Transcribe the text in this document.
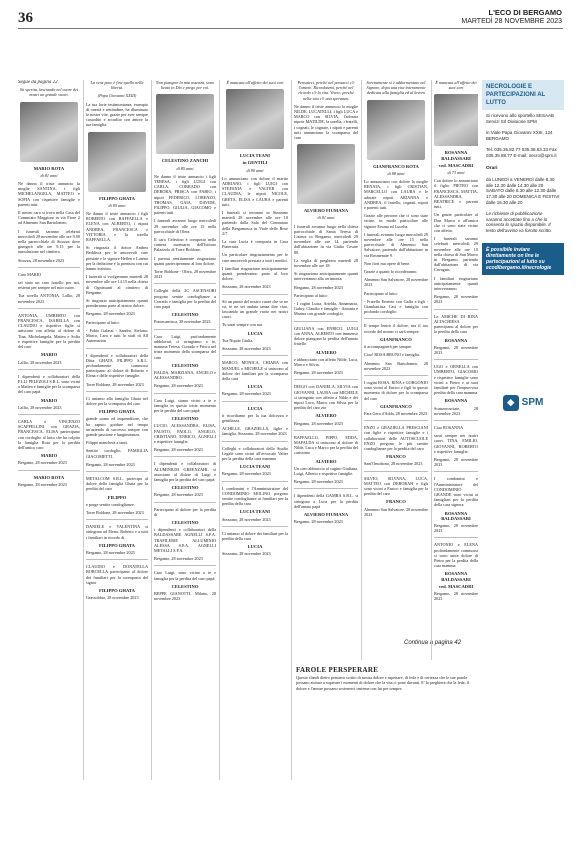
36	L'ECO DI BERGAMO
MARTEDÌ 28 NOVEMBRE 2023
Segue da pagina 22

Sii sperita, lasciando nel cuore dei nostri un grande vuoto.

MARIO ROTA

di 81 anni

Ne danno il triste annuncio la moglie SANTINA, i figli MICHELANGELA, MATTEO e SOFIA con rispettive famiglie e parenti tutti.

Il nostro caro si trova nella Casa del Commiato Maggioni in via Fiore 2 ad Almenno San Bartolomeo.

I funerali saranno celebrati mercoledì 29 novembre alle ore 9.00 nella parrocchiale di Strozza dove giungerà alle ore 9.15 per la tumulazione nel cimitero.

Strozza, 28 novembre 2023

Caro MARIO

sei stato un caro fratello per noi, resterai per sempre nel mio cuore.

Tua sorella ANTONIA. Lallio, 28 novembre 2023

ANTONIA, UMBERTO con FRANCESCA, ISABELLA con CLAUDIO e rispettive figlie si uniscono con affetto al dolore di Tina, Michelangela, Matteo e Sofia e rispettive famiglie per la perdita del caro

MARIO

Lallio, 28 novembre 2023

I dipendenti e collaboratori della F.LLI PELEZOLI S.R.L. sono vicini a Matteo e famiglie per la scomparsa del caro papà

MARIO

Lallio, 28 novembre 2023

CARLA e VINCENZO SCAPPELLINI con GRAZIA, FRANCESCA, ELISA partecipano con cordoglio al lutto che ha colpito la famiglia Rota per la perdita dell'amico caro

MARIO

Bergamo, 28 novembre 2023

MARIO ROTA

Bergamo, 28 novembre 2023

La vera pace è fine quello nella libertà.

(Papa Giovanni XXIII)

La tua forte testimonianza, esempio di onestà e rettitudine, ha illuminato le nostre vite, grazie per aver sempre custodito e accudito con amore la tua famiglia.

FILIPPO GHATA

di 85 anni

Ne danno il triste annuncio i figli ROBERTO con RAFFAELLA e ELENA con ALBERTO, i nipoti ANDREA, FRANCESCA e VITTORIA e la sorella RAFFAELLA.

Si ringrazia il dottor Andrea Beddisca per le amorevoli cure prestate e le signore Hellen e Lorena per la dedizione e la premura con cui hanno assistito.

I funerali si svolgeranno martedì 28 novembre alle ore 14.15 nella chiesa di Ognissanti al cimitero di Bergamo.

Si ringrazia anticipatamente quanti prenderanno parte al nostro dolore.

Bergamo, 28 novembre 2023

Partecipano al lutto:

- Fabio Galassi - Sandro, Stefano, Marco, Lara e tutti lo staff di All Automation

I dipendenti e collaboratori della Ditta GHATA FILIPPO S.R.L. profondamente commossi partecipano al dolore di Roberto e Elena e delle rispettive famiglie.

Torre Boldone, 28 novembre 2023

Ci uniamo alla famiglia Ghata nel dolore per la scomparsa del caro

FILIPPO GHATA

grande uomo ed imprenditore, che ha saputo guidare nel tempo un'azienda di successo sempre con grande passione e lungimiranza.

Filippo mancherà a tanti.

Sentito cordoglio, FAMIGLIA GIACOMETTI.

Bergamo, 28 novembre 2023

METALCOM S.R.L. partecipa al dolore della famiglia Ghata per la perdita del caro

FILIPPO

e porge sentite condoglianze.

Torre Boldone, 28 novembre 2023

DANIELE e VALENTINA si stringono ad Elena, Roberto e a tutti i familiari in ricordo di

FILIPPO GHATA

Bergamo, 28 novembre 2023

CLAUDIO e DONATELLA BORCELLA partecipano al dolore dei familiari per la scomparsa del signor

FILIPPO GHATA

Grassobbio, 28 novembre 2023

Non piangete la mia assenza, sono beato in Dio e prego per voi.

CELESTINO ZANCHI

di 85 anni

Ne danno il triste annuncio i figli TERESA, i figli LUIGI con CARLA, CORRADO con DEBORA, PRISCA con FABIO, i nipoti FEDERICO, LORENZO, THOMAS, GAIA, DAVIDE, FILIPPO, GIULIA, GIACOMO e parenti tutti.

I funerali avranno luogo mercoledì 29 novembre alle ore 15 nella parrocchiale di Olera.

Il caro Celestino è composto nella camera mortuaria dell'Istituto Palazzolo di Torre Boldone.

I parenti sentitamente ringraziano quanti parteciperanno al loro dolore.

Torre Boldone - Olera, 28 novembre 2023

Colleghi della 2C ASCENSORI porgono sentite condoglianze a Corrado e famiglia per la perdita del caro papà

CELESTINO

Pontecamisca, 28 novembre 2023

Caro Luigi, profondamente addolorati, ci stringiamo a te, mamma Teresa, Corrado e Prisca nel triste momento della scomparsa del caro

CELESTINO

BALDA, MARZIANA, ANGELO e ALESSANDRO.

Bergamo, 28 novembre 2023

Caro Luigi, siamo vicini a te e famiglia in questo triste momento per la perdita del caro papà

CELESTINO

LUCIO, ALESSANDRA, ELISA, FAUSTO, PAOLO, ANGELO, CRISTIANO, ENRICO, AGNELLI e rispettive famiglie.

Bergamo, 28 novembre 2023

I dipendenti e collaboratori di ALUMINIUM GREENZAHL si associano al dolore di Luigi e famiglia per la perdita del caro papà

CELESTINO

Bergamo, 28 novembre 2023

Partecipano al dolore per la perdita di

CELESTINO

i dipendenti e collaboratori della BALDASSARE AGNELLI S.P.A. TRAFILERIE ALLUMINIO ALESSA S.P.A. AGNELLI METALLI S.P.A.

Bergamo, 28 novembre 2023

Caro Luigi, sono vicino a te e famiglia per la perdita del caro papà

CELESTINO

BEPPE GIANOTTI. Milano, 28 novembre 2023

È mancata all'affetto dei suoi cari

LUCIA TEANI
in GENTILI

di 90 anni

Lo annunciano con dolore il marito ADRIANO, i figli LUIGI con STEFANIA e VALTER con CLAUDIA, le nipoti NICOLE, GRETA, ELISA e LAURA e parenti tutti.

I funerali si terranno in Stezzano martedì 28 novembre alle ore 10 partendo dalla Sala del Commiato della Bergamasca in Viale delle Rose 2/7.

La cara Lucia è composta in Casa Funeraria.

Un particolare ringraziamento per le cure amorevoli prestate a tutti i medici.

I familiari ringraziano anticipatamente quanti prenderanno parte al loro dolore.

Stezzano, 28 novembre 2023

Sii un punto del nostro cuore che se ne va, te ne sei andata senza dire ciao, lasciando un grande vuoto nei nostri cuori.

Tu sarai sempre con noi.

LUCIA

Tua Nipote Giulia.

Stezzano, 28 novembre 2023

MARCO, MONICA, CHIARA con MANUEL e MICHELE si uniscono al dolore dei familiari per la scomparsa della cara

LUCIA

Bergamo, 28 novembre 2023

LUCIA

ti ricordiamo per la tua dolcezza e gentilezza.

ACHILLE, GRAZIELLA, figlie e famiglia. Stezzano, 28 novembre 2023

Colleghi e collaboratori dello Studio Legale sono vicini all'avvocato Valter per la perdita della cara mamma

LUCIA TEANI

Bergamo, 28 novembre 2023

I condomini e l'Amministratore del CONDOMINIO MOLINO porgono sentite condoglianze ai familiari per la perdita della cara

LUCIA TEANI

Stezzano, 28 novembre 2023

Ci uniamo al dolore dei familiari per la perdita della cara

LUCIA

Stezzano, 28 novembre 2023

Pensateci, perché nel pensarci c'è l'amore. Ricordatemi, perché nel ricordo c'è la vita. Vivete, perché nella vita c'è una speranza.

Ne danno il triste annuncio la moglie NILDE, LUCATELLI, i figli LUCA e MARCO con SILVIA, l'adorata nipote MATILDE, la sorella, i fratelli, i cognati, le cognate, i nipoti e parenti tutti annunciano la scomparsa del caro

ALVIERO FIUMANA

di 81 anni

I funerali avranno luogo nella chiesa parrocchiale di Santa Teresa di Lisieux in Bergamo, mercoledì 29 novembre alle ore 14, partendo dall'abitazione in via Giulio Cesare 80.

La veglia di preghiera martedì 28 novembre alle ore 18.

Si ringraziano anticipatamente quanti interverranno alla cerimonia.

Bergamo, 28 novembre 2023

Partecipano al lutto:

- I cugini Luisa, Arielda, Annamaria, Gabry, Claudio e famiglie - Antonia e Marina con grande cordoglio

GIULIANA con ENRICO, LUIGI con ANNA, ALBERTO con immenso dolore piangono la perdita dell'amato fratello

ALVIERO

e abbracciano con affetto Nilde, Luca, Marco e Silvia.

Bergamo, 28 novembre 2023

DIEGO con DANIELA, SILVIA con GIOVANNI, LAURA con MICHELE si stringono con affetto a Nilde e dei nipoti Luca, Marco con Silvia per la perdita del caro zio

ALVIERO

Bergamo, 28 novembre 2023

BAFFAELLO, PIPPO, EDDA, MAFALDA si uniscono al dolore di Nilde, Luca e Marco per la perdita del carissimo

ALVIERO

Un caro abbraccio al cugino Giuliana, Luigi, Alberto e rispettive famiglie.

Bergamo, 28 novembre 2023

I dipendenti della GAMBA S.R.L. si stringono a Luca per la perdita dell'amato papà

ALVIERO FIUMANA

Bergamo, 28 novembre 2023

Serenamente si è addormentato nel Signore, dopo una vita interamente dedicata alla famiglia ed al lavoro

GIANFRANCO ROTA

di 88 anni

Lo annunciano con dolore la moglie RENATA, i figli CRISTIAN, MARCELLO con LAURA e le adorate nipoti ARIANNA e ANDREA, il fratello, cognati, nipoti e parenti tutti.

Grazie alle persone che ci sono state vicine, in modo particolare alle signore Ersana ed Lucelia.

I funerali avranno luogo mercoledì 29 novembre alle ore 15 nella parrocchiale di Almenno San Salvatore, partendo dall'abitazione in via Rosmenate 9.

Non fiori ma opere di bene.

Grazie a quanti lo ricorderanno.

Almenno San Salvatore, 28 novembre 2023

Partecipano al lutto:

- Fratello Ernesto con Gaffa e figli - Giambattista Casi e famiglia con profondo cordoglio

Il tempo lenirà il dolore, ma il tuo ricordo del nonno ci sarà sempre.

GIANFRANCO

ti accompagnerà per sempre.

Ciao! ROSA BRUNO e famiglia.

Almenno San Bartolomeo, 28 novembre 2023

I cugini ROSA, RINA e GORGONIO sono vicini al Enrico e figli in questo momento di dolore per la scomparsa del caro

GIANFRANCO

Fara Gera d'Adda, 28 novembre 2023

ENZO e GRAZIELLA PRESCIANI con figlie e rispettive famiglie e i collaboratori delle AUTOSCUOLE ENZO porgono le più sentite condoglianze per la perdita del caro

FRANCO

Sant'Omobono, 28 novembre 2023

SILVIO, SILVANA, LUCA, MATTEO con DEBORAH e figli sono vicini a Enrico e famiglia per la perdita del caro

FRANCO

Almenno San Salvatore, 28 novembre 2023

Continua a pagina 42

È mancata all'affetto dei suoi cari

ROSANNA BALDASSARI
ved. MASCADRI

di 73 anni

Con dolore lo annunciano il figlio PIETRO con FRANCESCA, MATTIA, ALESSANDRA, BEATRICE e parenti tutti.

Un grazie particolare al Don Marco e all'amica che ci sono state vicine con affetto.

I funerali saranno celebrati mercoledì 29 novembre alle ore 10 nella chiesa di San Marco in Bergamo, partendo dall'abitazione di via Cavagnis.

I familiari ringraziano anticipatamente quanti interverranno.

Bergamo, 28 novembre 2023

Le AMICHE DI RINA ALTACHIESA partecipano al dolore per la perdita della cara

ROSANNA

Bergamo, 28 novembre 2023

UGO e ORNELLA con UMBERTO, GIACOMO e rispettive famiglie sono vicini a Pietro e ai suoi familiari per l'improvvisa perdita della cara mamma

ROSANNA

Scanzorosciate, 28 novembre 2023

Ciao ROSANNA

sarai sempre nei nostri cuori. TINA, EMILIO, GIOVANNI, ROBERTO e rispettive famiglie.

Bergamo, 28 novembre 2023

I condomini e l'Amministratore del CONDOMINIO GRANDE sono vicini ai famigliari per la perdita della cara signora

ROSANNA BALDASSARI

Bergamo, 28 novembre 2023

ANTONIO e ELENA profondamente commossi si sono unite dolore di Pietro per la perdita della cara mamma

ROSANNA BALDASSARI
ved. MASCADRI

Bergamo, 28 novembre 2023

NECROLOGIE E PARTECIPAZIONI AL LUTTO
Si ricevono allo sportello SESAAB Servizi Srl Divisione SPM
in Viale Papa Giovanni XXIII, 124 BERGAMO
Tel. 035.35.82.77 035.38.63.33 Fax 035.35.88.77 E-mail: necro@spm.it
Orari
da LUNEDÌ a VENERDÌ dalle 8.30 alle 12.30 dalle 14.30 alle 20 SABATO dalle 8.30 alle 12.30 dalle 17.30 alle 20 DOMENICA E FESTIVI dalle 16.30 alle 20
Le richieste di pubblicazione saranno accettate fino a che lo consenta lo spazio disponibile. Il testo dell'avviso va fornito scritto.
È possibile inviare direttamente on line le partecipazioni al lutto su ecodibergamo.it/necrologie
◆ SPM
FAROLE PERSPERARE

Questo slandi dietro pensiero scritto di nostra dolore e aspettare, di fede e di certezza che le sue parole possano aiutare a superare i momenti di dolore che la vita ci pone davanti. E' la preghiera che la fede, il dolore e l'amore possano sostenerci insieme con lui per sempre.
